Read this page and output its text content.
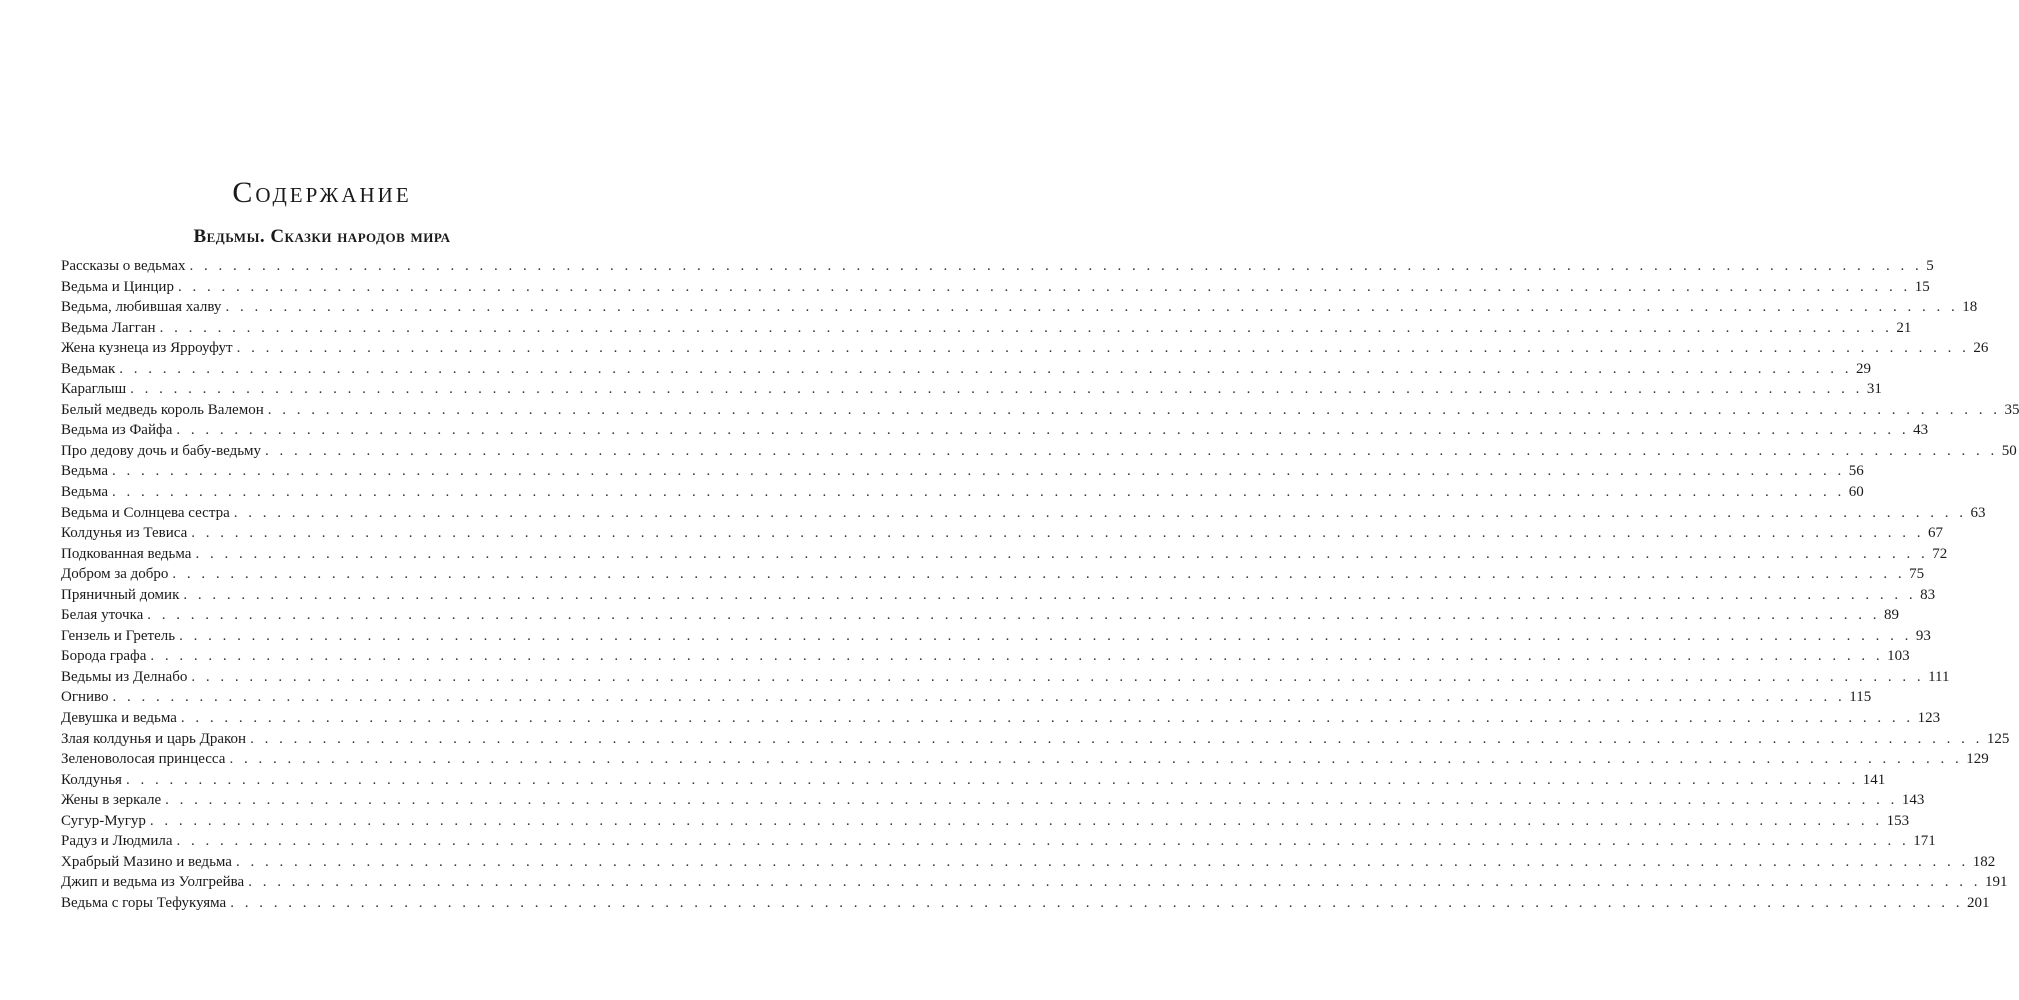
Содержание
Ведьмы. Сказки народов мира
Рассказы о ведьмах . . . . . . . . . . . . . . . . . . . . . . . . . . . . . . . . . . . . . . . . . . . . . . . . . . . . . . . . . . . . . . . . . . . . . . . . . . . . . . . . . . . . . . . . . . . . . . . . . . . . . . . . . . . . . . . . . . . . . . . . 5
Ведьма и Цинцир . . . . . . . . . . . . . . . . . . . . . . . . . . . . . . . . . . . . . . . . . . . . . . . . . . . . . . . . . . . . . . . . . . . . . . . . . . . . . . . . . . . . . . . . . . . . . . . . . . . . . . . . . . . . . . . . . . . . . . . . 15
Ведьма, любившая халву . . . . . . . . . . . . . . . . . . . . . . . . . . . . . . . . . . . . . . . . . . . . . . . . . . . . . . . . . . . . . . . . . . . . . . . . . . . . . . . . . . . . . . . . . . . . . . . . . . . . . . . . . . . . . . . . . . . . . . . . 18
Ведьма Лагган . . . . . . . . . . . . . . . . . . . . . . . . . . . . . . . . . . . . . . . . . . . . . . . . . . . . . . . . . . . . . . . . . . . . . . . . . . . . . . . . . . . . . . . . . . . . . . . . . . . . . . . . . . . . . . . . . . . . . . . . 21
Жена кузнеца из Ярроуфут . . . . . . . . . . . . . . . . . . . . . . . . . . . . . . . . . . . . . . . . . . . . . . . . . . . . . . . . . . . . . . . . . . . . . . . . . . . . . . . . . . . . . . . . . . . . . . . . . . . . . . . . . . . . . . . . . . . . . . . . 26
Ведьмак . . . . . . . . . . . . . . . . . . . . . . . . . . . . . . . . . . . . . . . . . . . . . . . . . . . . . . . . . . . . . . . . . . . . . . . . . . . . . . . . . . . . . . . . . . . . . . . . . . . . . . . . . . . . . . . . . . . . . . . . 29
Караглыш . . . . . . . . . . . . . . . . . . . . . . . . . . . . . . . . . . . . . . . . . . . . . . . . . . . . . . . . . . . . . . . . . . . . . . . . . . . . . . . . . . . . . . . . . . . . . . . . . . . . . . . . . . . . . . . . . . . . . . . . 31
Белый медведь король Валемон . . . . . . . . . . . . . . . . . . . . . . . . . . . . . . . . . . . . . . . . . . . . . . . . . . . . . . . . . . . . . . . . . . . . . . . . . . . . . . . . . . . . . . . . . . . . . . . . . . . . . . . . . . . . . . . . . . . . . . . . 35
Ведьма из Файфа . . . . . . . . . . . . . . . . . . . . . . . . . . . . . . . . . . . . . . . . . . . . . . . . . . . . . . . . . . . . . . . . . . . . . . . . . . . . . . . . . . . . . . . . . . . . . . . . . . . . . . . . . . . . . . . . . . . . . . . . 43
Про дедову дочь и бабу-ведьму . . . . . . . . . . . . . . . . . . . . . . . . . . . . . . . . . . . . . . . . . . . . . . . . . . . . . . . . . . . . . . . . . . . . . . . . . . . . . . . . . . . . . . . . . . . . . . . . . . . . . . . . . . . . . . . . . . . . . . . . 50
Ведьма . . . . . . . . . . . . . . . . . . . . . . . . . . . . . . . . . . . . . . . . . . . . . . . . . . . . . . . . . . . . . . . . . . . . . . . . . . . . . . . . . . . . . . . . . . . . . . . . . . . . . . . . . . . . . . . . . . . . . . . . 56
Ведьма . . . . . . . . . . . . . . . . . . . . . . . . . . . . . . . . . . . . . . . . . . . . . . . . . . . . . . . . . . . . . . . . . . . . . . . . . . . . . . . . . . . . . . . . . . . . . . . . . . . . . . . . . . . . . . . . . . . . . . . . 60
Ведьма и Солнцева сестра . . . . . . . . . . . . . . . . . . . . . . . . . . . . . . . . . . . . . . . . . . . . . . . . . . . . . . . . . . . . . . . . . . . . . . . . . . . . . . . . . . . . . . . . . . . . . . . . . . . . . . . . . . . . . . . . . . . . . . . . 63
Колдунья из Тевиса . . . . . . . . . . . . . . . . . . . . . . . . . . . . . . . . . . . . . . . . . . . . . . . . . . . . . . . . . . . . . . . . . . . . . . . . . . . . . . . . . . . . . . . . . . . . . . . . . . . . . . . . . . . . . . . . . . . . . . . . 67
Подкованная ведьма . . . . . . . . . . . . . . . . . . . . . . . . . . . . . . . . . . . . . . . . . . . . . . . . . . . . . . . . . . . . . . . . . . . . . . . . . . . . . . . . . . . . . . . . . . . . . . . . . . . . . . . . . . . . . . . . . . . . . . . . 72
Добром за добро . . . . . . . . . . . . . . . . . . . . . . . . . . . . . . . . . . . . . . . . . . . . . . . . . . . . . . . . . . . . . . . . . . . . . . . . . . . . . . . . . . . . . . . . . . . . . . . . . . . . . . . . . . . . . . . . . . . . . . . . 75
Пряничный домик . . . . . . . . . . . . . . . . . . . . . . . . . . . . . . . . . . . . . . . . . . . . . . . . . . . . . . . . . . . . . . . . . . . . . . . . . . . . . . . . . . . . . . . . . . . . . . . . . . . . . . . . . . . . . . . . . . . . . . . . 83
Белая уточка . . . . . . . . . . . . . . . . . . . . . . . . . . . . . . . . . . . . . . . . . . . . . . . . . . . . . . . . . . . . . . . . . . . . . . . . . . . . . . . . . . . . . . . . . . . . . . . . . . . . . . . . . . . . . . . . . . . . . . . . 89
Гензель и Гретель . . . . . . . . . . . . . . . . . . . . . . . . . . . . . . . . . . . . . . . . . . . . . . . . . . . . . . . . . . . . . . . . . . . . . . . . . . . . . . . . . . . . . . . . . . . . . . . . . . . . . . . . . . . . . . . . . . . . . . . . 93
Борода графа . . . . . . . . . . . . . . . . . . . . . . . . . . . . . . . . . . . . . . . . . . . . . . . . . . . . . . . . . . . . . . . . . . . . . . . . . . . . . . . . . . . . . . . . . . . . . . . . . . . . . . . . . . . . . . . . . . . . . . . . 103
Ведьмы из Делнабо . . . . . . . . . . . . . . . . . . . . . . . . . . . . . . . . . . . . . . . . . . . . . . . . . . . . . . . . . . . . . . . . . . . . . . . . . . . . . . . . . . . . . . . . . . . . . . . . . . . . . . . . . . . . . . . . . . . . . . . . 111
Огниво . . . . . . . . . . . . . . . . . . . . . . . . . . . . . . . . . . . . . . . . . . . . . . . . . . . . . . . . . . . . . . . . . . . . . . . . . . . . . . . . . . . . . . . . . . . . . . . . . . . . . . . . . . . . . . . . . . . . . . . . 115
Девушка и ведьма . . . . . . . . . . . . . . . . . . . . . . . . . . . . . . . . . . . . . . . . . . . . . . . . . . . . . . . . . . . . . . . . . . . . . . . . . . . . . . . . . . . . . . . . . . . . . . . . . . . . . . . . . . . . . . . . . . . . . . . . 123
Злая колдунья и царь Дракон . . . . . . . . . . . . . . . . . . . . . . . . . . . . . . . . . . . . . . . . . . . . . . . . . . . . . . . . . . . . . . . . . . . . . . . . . . . . . . . . . . . . . . . . . . . . . . . . . . . . . . . . . . . . . . . . . . . . . . . . 125
Зеленоволосая принцесса . . . . . . . . . . . . . . . . . . . . . . . . . . . . . . . . . . . . . . . . . . . . . . . . . . . . . . . . . . . . . . . . . . . . . . . . . . . . . . . . . . . . . . . . . . . . . . . . . . . . . . . . . . . . . . . . . . . . . . . . 129
Колдунья . . . . . . . . . . . . . . . . . . . . . . . . . . . . . . . . . . . . . . . . . . . . . . . . . . . . . . . . . . . . . . . . . . . . . . . . . . . . . . . . . . . . . . . . . . . . . . . . . . . . . . . . . . . . . . . . . . . . . . . . 141
Жены в зеркале . . . . . . . . . . . . . . . . . . . . . . . . . . . . . . . . . . . . . . . . . . . . . . . . . . . . . . . . . . . . . . . . . . . . . . . . . . . . . . . . . . . . . . . . . . . . . . . . . . . . . . . . . . . . . . . . . . . . . . . . 143
Сугур-Мугур . . . . . . . . . . . . . . . . . . . . . . . . . . . . . . . . . . . . . . . . . . . . . . . . . . . . . . . . . . . . . . . . . . . . . . . . . . . . . . . . . . . . . . . . . . . . . . . . . . . . . . . . . . . . . . . . . . . . . . . . 153
Радуз и Людмила . . . . . . . . . . . . . . . . . . . . . . . . . . . . . . . . . . . . . . . . . . . . . . . . . . . . . . . . . . . . . . . . . . . . . . . . . . . . . . . . . . . . . . . . . . . . . . . . . . . . . . . . . . . . . . . . . . . . . . . . 171
Храбрый Мазино и ведьма . . . . . . . . . . . . . . . . . . . . . . . . . . . . . . . . . . . . . . . . . . . . . . . . . . . . . . . . . . . . . . . . . . . . . . . . . . . . . . . . . . . . . . . . . . . . . . . . . . . . . . . . . . . . . . . . . . . . . . . . 182
Джип и ведьма из Уолгрейва . . . . . . . . . . . . . . . . . . . . . . . . . . . . . . . . . . . . . . . . . . . . . . . . . . . . . . . . . . . . . . . . . . . . . . . . . . . . . . . . . . . . . . . . . . . . . . . . . . . . . . . . . . . . . . . . . . . . . . . . 191
Ведьма с горы Тефукуяма . . . . . . . . . . . . . . . . . . . . . . . . . . . . . . . . . . . . . . . . . . . . . . . . . . . . . . . . . . . . . . . . . . . . . . . . . . . . . . . . . . . . . . . . . . . . . . . . . . . . . . . . . . . . . . . . . . . . . . . . 201
